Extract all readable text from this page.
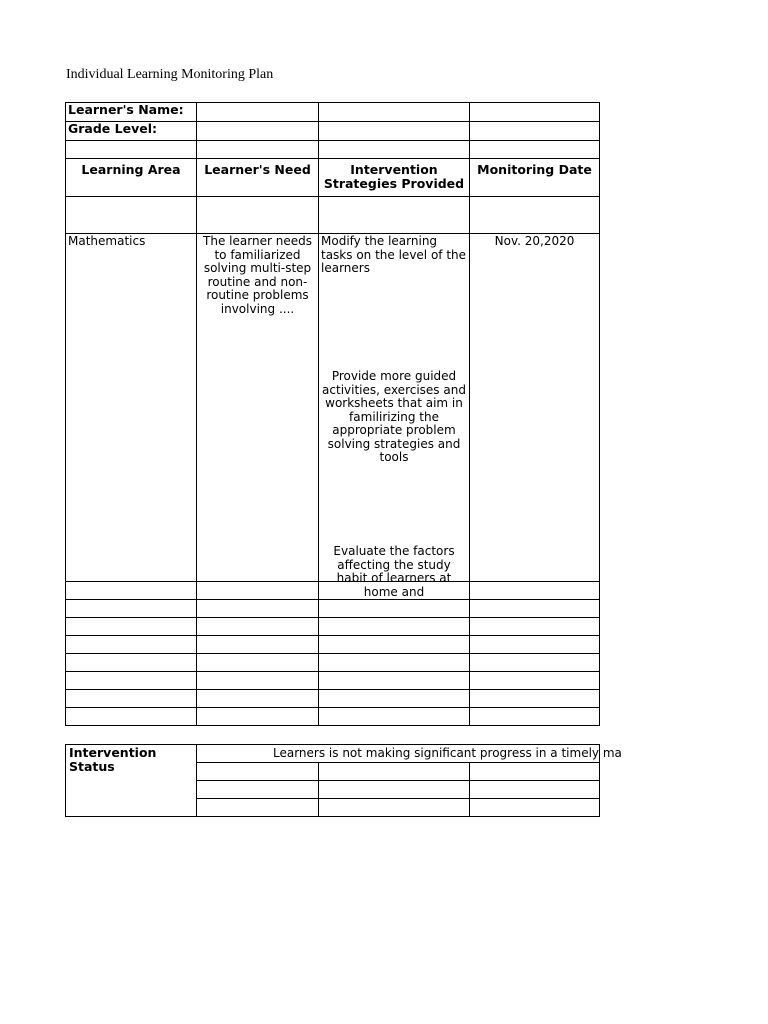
Individual Learning Monitoring Plan
Learner's Name:			
Grade Level:			

Learning Area	Learner's Need	Intervention Strategies Provided	Monitoring Date

Mathematics	The learner needs to familiarized solving multi-step routine and non-routine problems involving ....	Modify the learning tasks on the level of the learners
Provide more guided activities, exercises and worksheets that aim in familirizing the appropriate problem solving strategies and tools
Evaluate the factors affecting the study habit of learners at home and	Nov. 20,2020

Intervention Status	Learners is not making significant progress in a timely ma		
